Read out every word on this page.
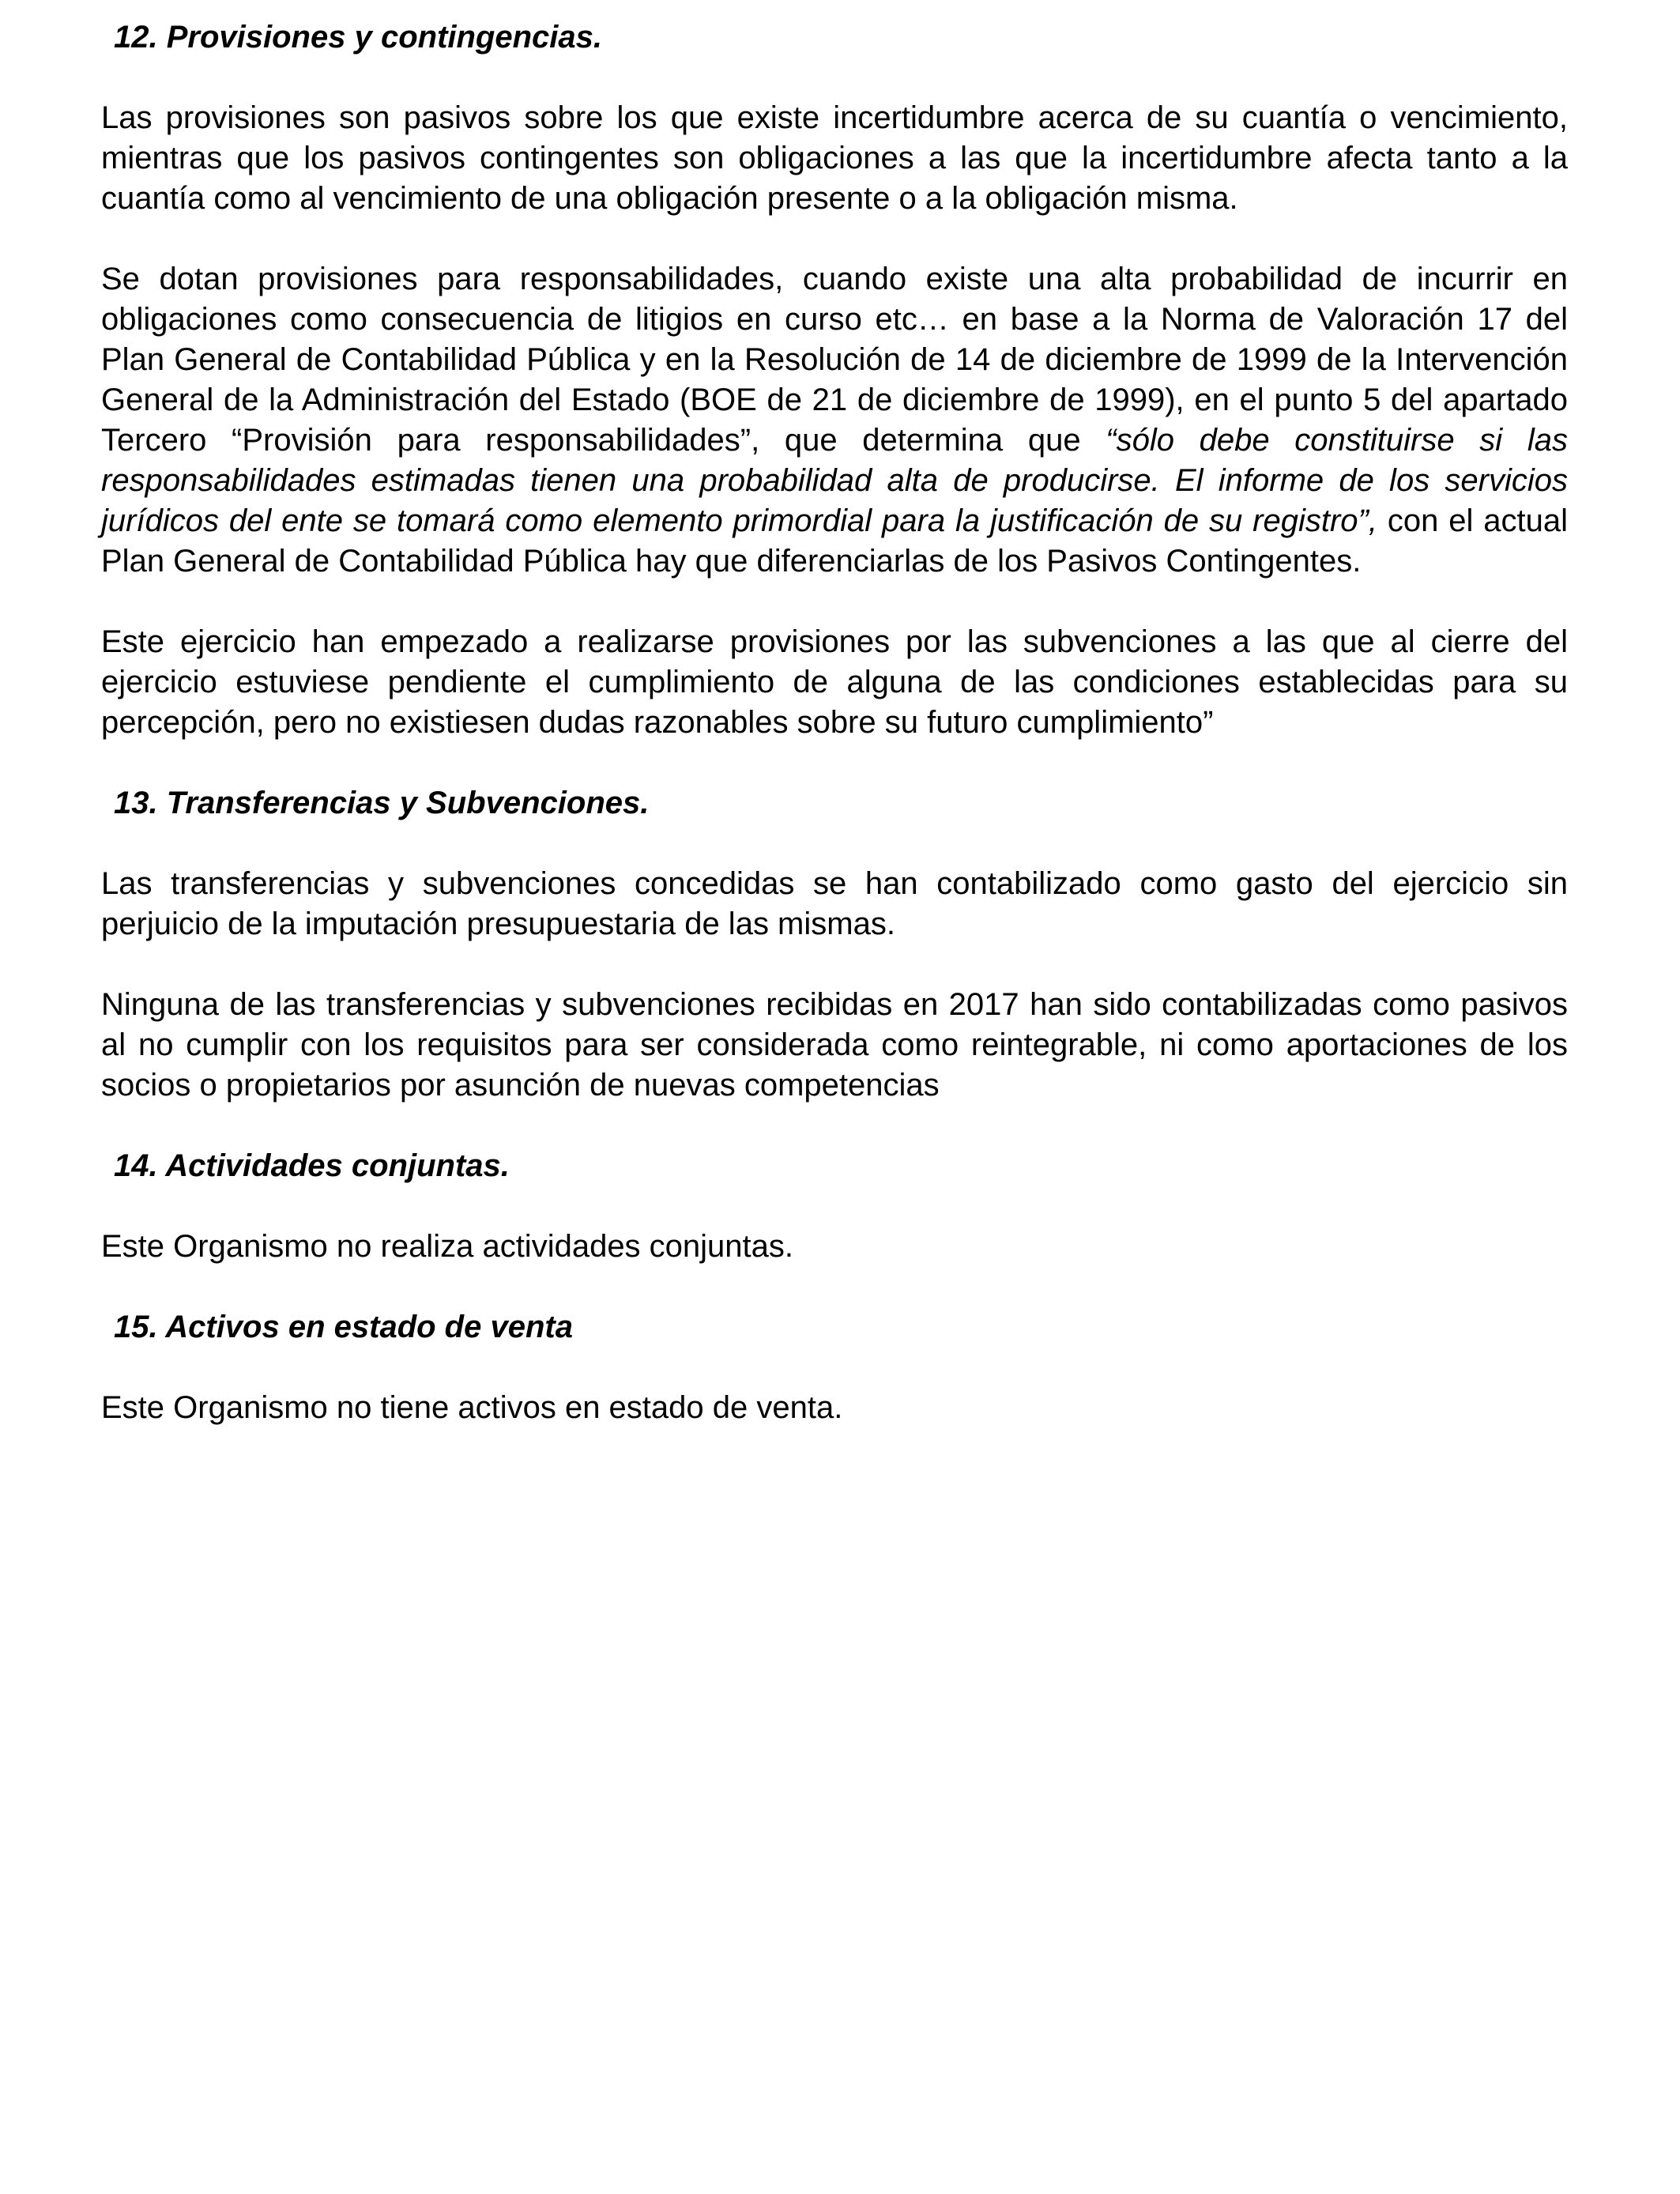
12. Provisiones y contingencias.

Las provisiones son pasivos sobre los que existe incertidumbre acerca de su cuantía o vencimiento, mientras que los pasivos contingentes son obligaciones a las que la incertidumbre afecta tanto a la cuantía como al vencimiento de una obligación presente o a la obligación misma.

Se dotan provisiones para responsabilidades, cuando existe una alta probabilidad de incurrir en obligaciones como consecuencia de litigios en curso etc… en base a la Norma de Valoración 17 del Plan General de Contabilidad Pública y en la Resolución de 14 de diciembre de 1999 de la Intervención General de la Administración del Estado (BOE de 21 de diciembre de 1999), en el punto 5 del apartado Tercero “Provisión para responsabilidades”, que determina que “sólo debe constituirse si las responsabilidades estimadas tienen una probabilidad alta de producirse. El informe de los servicios jurídicos del ente se tomará como elemento primordial para la justificación de su registro”, con el actual Plan General de Contabilidad Pública hay que diferenciarlas de los Pasivos Contingentes.

Este ejercicio han empezado a realizarse provisiones por las subvenciones a las que al cierre del ejercicio estuviese pendiente el cumplimiento de alguna de las condiciones establecidas para su percepción, pero no existiesen dudas razonables sobre su futuro cumplimiento”

13. Transferencias y Subvenciones.

Las transferencias y subvenciones concedidas se han contabilizado como gasto del ejercicio sin perjuicio de la imputación presupuestaria de las mismas.

Ninguna de las transferencias y subvenciones recibidas en 2017 han sido contabilizadas como pasivos al no cumplir con los requisitos para ser considerada como reintegrable, ni como aportaciones de los socios o propietarios por asunción de nuevas competencias

14. Actividades conjuntas.

Este Organismo no realiza actividades conjuntas.

15. Activos en estado de venta

Este Organismo no tiene activos en estado de venta.
